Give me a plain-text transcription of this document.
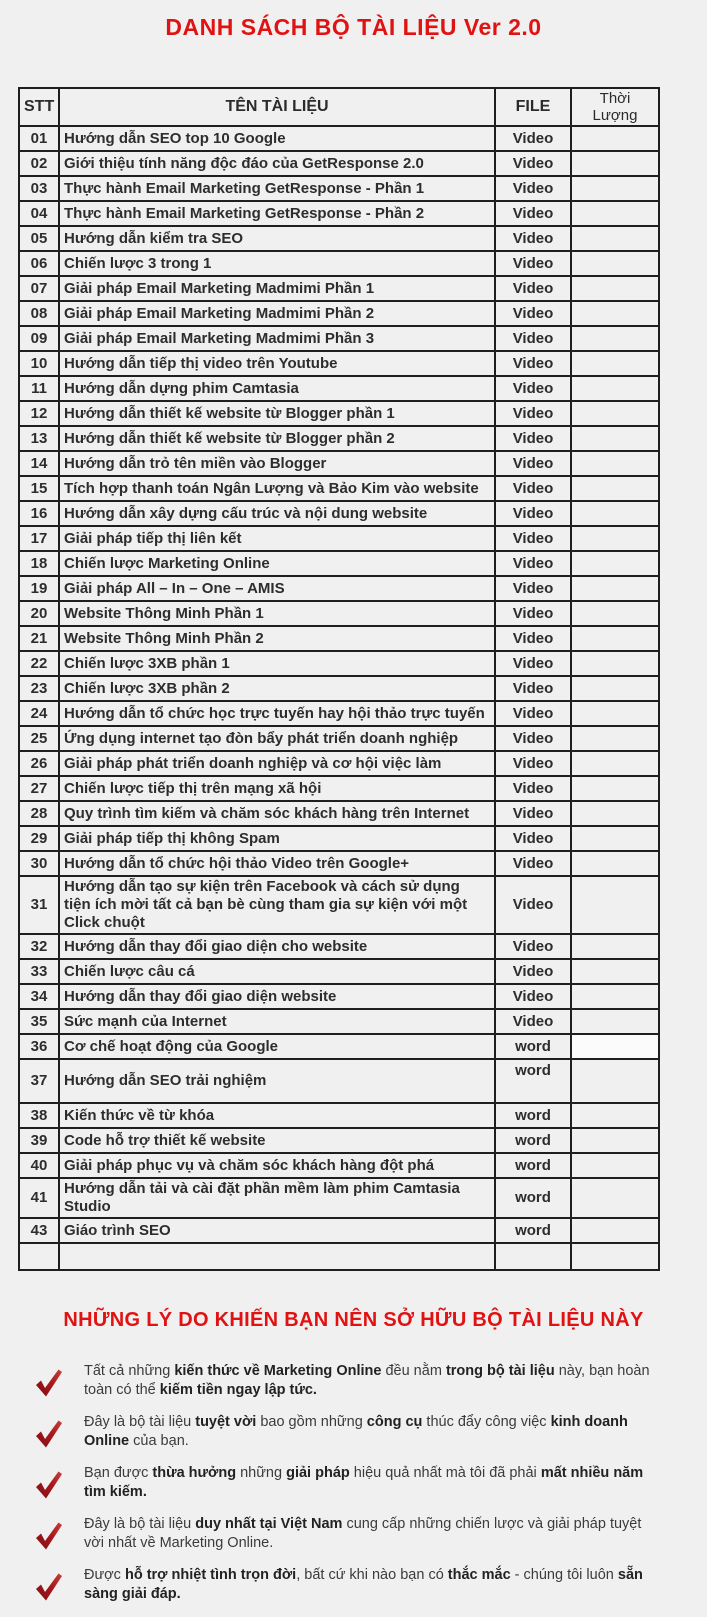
DANH SÁCH BỘ TÀI LIỆU Ver 2.0
STT	TÊN TÀI LIỆU	FILE	Thời Lượng
01	Hướng dẫn SEO top 10 Google	Video	
02	Giới thiệu tính năng độc đáo của GetResponse 2.0	Video	
03	Thực hành Email Marketing GetResponse - Phần 1	Video	
04	Thực hành Email Marketing GetResponse - Phần 2	Video	
05	Hướng dẫn kiểm tra SEO	Video	
06	Chiến lược 3 trong 1	Video	
07	Giải pháp Email Marketing Madmimi Phần 1	Video	
08	Giải pháp Email Marketing Madmimi Phần 2	Video	
09	Giải pháp Email Marketing Madmimi Phần 3	Video	
10	Hướng dẫn tiếp thị video trên Youtube	Video	
11	Hướng dẫn dựng phim Camtasia	Video	
12	Hướng dẫn thiết kế website từ Blogger phần 1	Video	
13	Hướng dẫn thiết kế website từ Blogger phần 2	Video	
14	Hướng dẫn trỏ tên miền vào Blogger	Video	
15	Tích hợp thanh toán Ngân Lượng và Bảo Kim vào website	Video	
16	Hướng dẫn xây dựng cấu trúc và nội dung website	Video	
17	Giải pháp tiếp thị liên kết	Video	
18	Chiến lược Marketing Online	Video	
19	Giải pháp All – In – One – AMIS	Video	
20	Website Thông Minh Phần 1	Video	
21	Website Thông Minh Phần 2	Video	
22	Chiến lược 3XB phần 1	Video	
23	Chiến lược 3XB phần 2	Video	
24	Hướng dẫn tổ chức học trực tuyến hay hội thảo trực tuyến	Video	
25	Ứng dụng internet tạo đòn bẩy phát triển doanh nghiệp	Video	
26	Giải pháp phát triển doanh nghiệp và cơ hội việc làm	Video	
27	Chiến lược tiếp thị trên mạng xã hội	Video	
28	Quy trình tìm kiếm và chăm sóc khách hàng trên Internet	Video	
29	Giải pháp tiếp thị không Spam	Video	
30	Hướng dẫn tổ chức hội thảo Video trên Google+	Video	
31	Hướng dẫn tạo sự kiện trên Facebook và cách sử dụng tiện ích mời tất cả bạn bè cùng tham gia sự kiện với một Click chuột	Video	
32	Hướng dẫn thay đổi giao diện cho website	Video	
33	Chiến lược câu cá	Video	
34	Hướng dẫn thay đổi giao diện website	Video	
35	Sức mạnh của Internet	Video	
36	Cơ chế hoạt động của Google	word	
37	Hướng dẫn SEO trải nghiệm	word	
38	Kiến thức về từ khóa	word	
39	Code hỗ trợ thiết kế website	word	
40	Giải pháp phục vụ và chăm sóc khách hàng đột phá	word	
41	Hướng dẫn tải và cài đặt phần mềm làm phim Camtasia Studio	word	
43	Giáo trình SEO	word	

NHỮNG LÝ DO KHIẾN BẠN NÊN SỞ HỮU BỘ TÀI LIỆU NÀY

Tất cả những kiến thức về Marketing Online đều nằm trong bộ tài liệu này, bạn hoàn toàn có thể kiếm tiền ngay lập tức.

Đây là bộ tài liệu tuyệt vời bao gồm những công cụ thúc đẩy công việc kinh doanh Online của bạn.

Bạn được thừa hưởng những giải pháp hiệu quả nhất mà tôi đã phải mất nhiều năm tìm kiếm.

Đây là bộ tài liệu duy nhất tại Việt Nam cung cấp những chiến lược và giải pháp tuyệt vời nhất về Marketing Online.

Được hỗ trợ nhiệt tình trọn đời, bất cứ khi nào bạn có thắc mắc - chúng tôi luôn sẵn sàng giải đáp.
